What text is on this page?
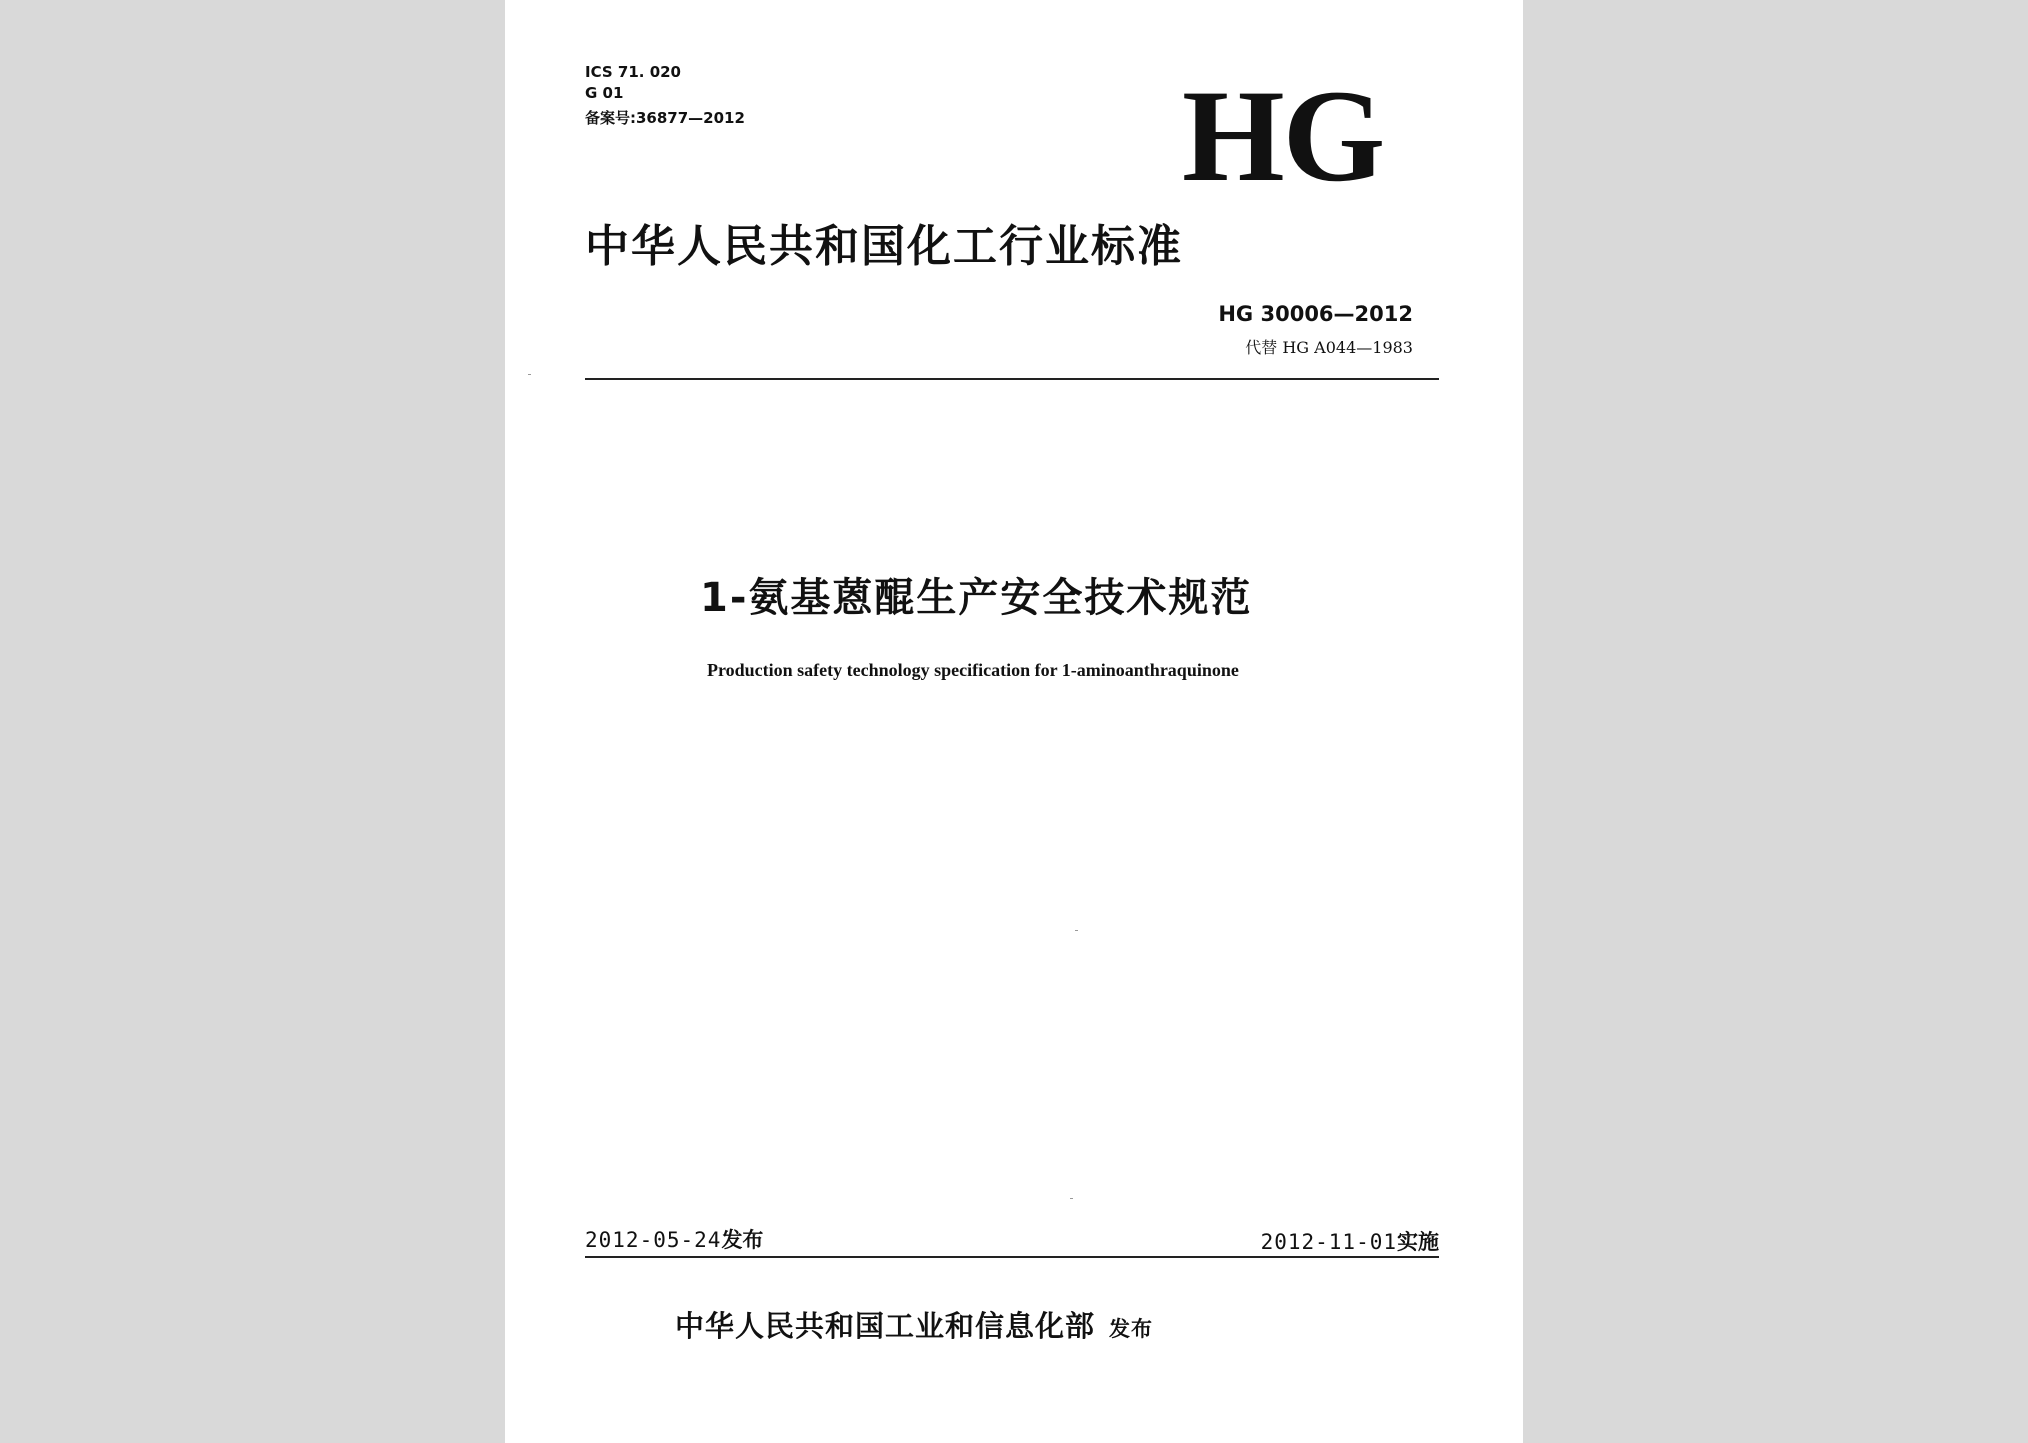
ICS 71. 020
G 01
备案号:36877—2012	HG
中华人民共和国化工行业标准
HG 30006—2012
代替 HG A044—1983
1-氨基蒽醌生产安全技术规范
Production safety technology specification for 1-aminoanthraquinone
2012-05-24发布	2012-11-01实施
中华人民共和国工业和信息化部 发布
